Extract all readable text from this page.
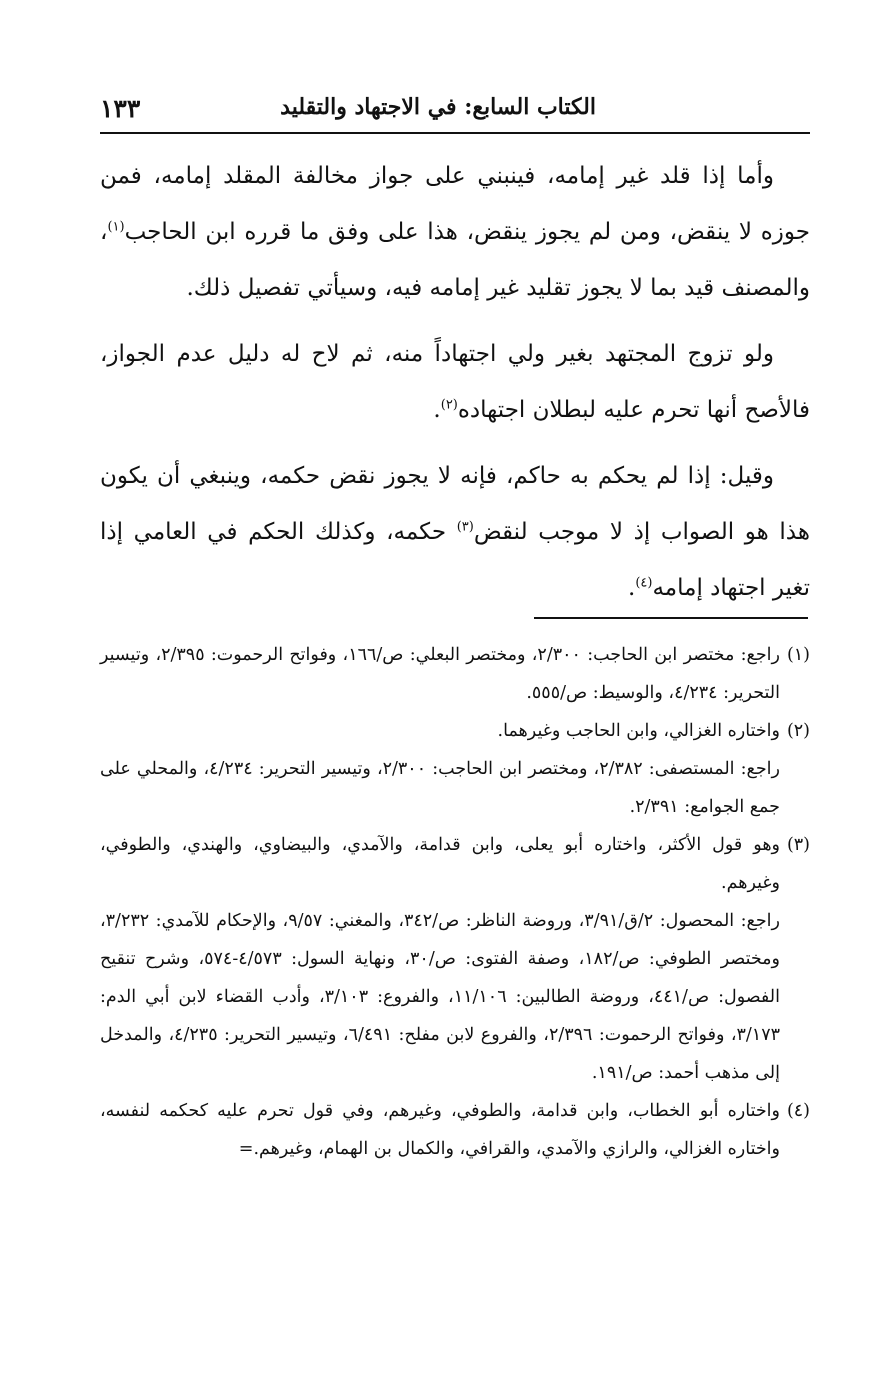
الكتاب السابع: في الاجتهاد والتقليد
١٣٣

وأما إذا قلد غير إمامه، فينبني على جواز مخالفة المقلد إمامه، فمن جوزه لا ينقض، ومن لم يجوز ينقض، هذا على وفق ما قرره ابن الحاجب$^{(١)}$، والمصنف قيد بما لا يجوز تقليد غير إمامه فيه، وسيأتي تفصيل ذلك.

ولو تزوج المجتهد بغير ولي اجتهاداً منه، ثم لاح له دليل عدم الجواز، فالأصح أنها تحرم عليه لبطلان اجتهاده$^{(٢)}$.

وقيل: إذا لم يحكم به حاكم، فإنه لا يجوز نقض حكمه، وينبغي أن يكون هذا هو الصواب إذ لا موجب لنقض$^{(٣)}$ حكمه، وكذلك الحكم في العامي إذا تغير اجتهاد إمامه$^{(٤)}$.

(١)راجع: مختصر ابن الحاجب: ٢/٣٠٠، ومختصر البعلي: ص/١٦٦، وفواتح الرحموت: ٢/٣٩٥، وتيسير التحرير: ٤/٢٣٤، والوسيط: ص/٥٥٥.

(٢)واختاره الغزالي، وابن الحاجب وغيرهما.

راجع: المستصفى: ٢/٣٨٢، ومختصر ابن الحاجب: ٢/٣٠٠، وتيسير التحرير: ٤/٢٣٤، والمحلي على جمع الجوامع: ٢/٣٩١.

(٣)وهو قول الأكثر، واختاره أبو يعلى، وابن قدامة، والآمدي، والبيضاوي، والهندي، والطوفي، وغيرهم.

راجع: المحصول: ٢/ق/٣/٩١، وروضة الناظر: ص/٣٤٢، والمغني: ٩/٥٧، والإحكام للآمدي: ٣/٢٣٢، ومختصر الطوفي: ص/١٨٢، وصفة الفتوى: ص/٣٠، ونهاية السول: ٤/٥٧٣-٥٧٤، وشرح تنقيح الفصول: ص/٤٤١، وروضة الطالبين: ١١/١٠٦، والفروع: ٣/١٠٣، وأدب القضاء لابن أبي الدم: ٣/١٧٣، وفواتح الرحموت: ٢/٣٩٦، والفروع لابن مفلح: ٦/٤٩١، وتيسير التحرير: ٤/٢٣٥، والمدخل إلى مذهب أحمد: ص/١٩١.

(٤)واختاره أبو الخطاب، وابن قدامة، والطوفي، وغيرهم، وفي قول تحرم عليه كحكمه لنفسه، واختاره الغزالي، والرازي والآمدي، والقرافي، والكمال بن الهمام، وغيرهم.=
